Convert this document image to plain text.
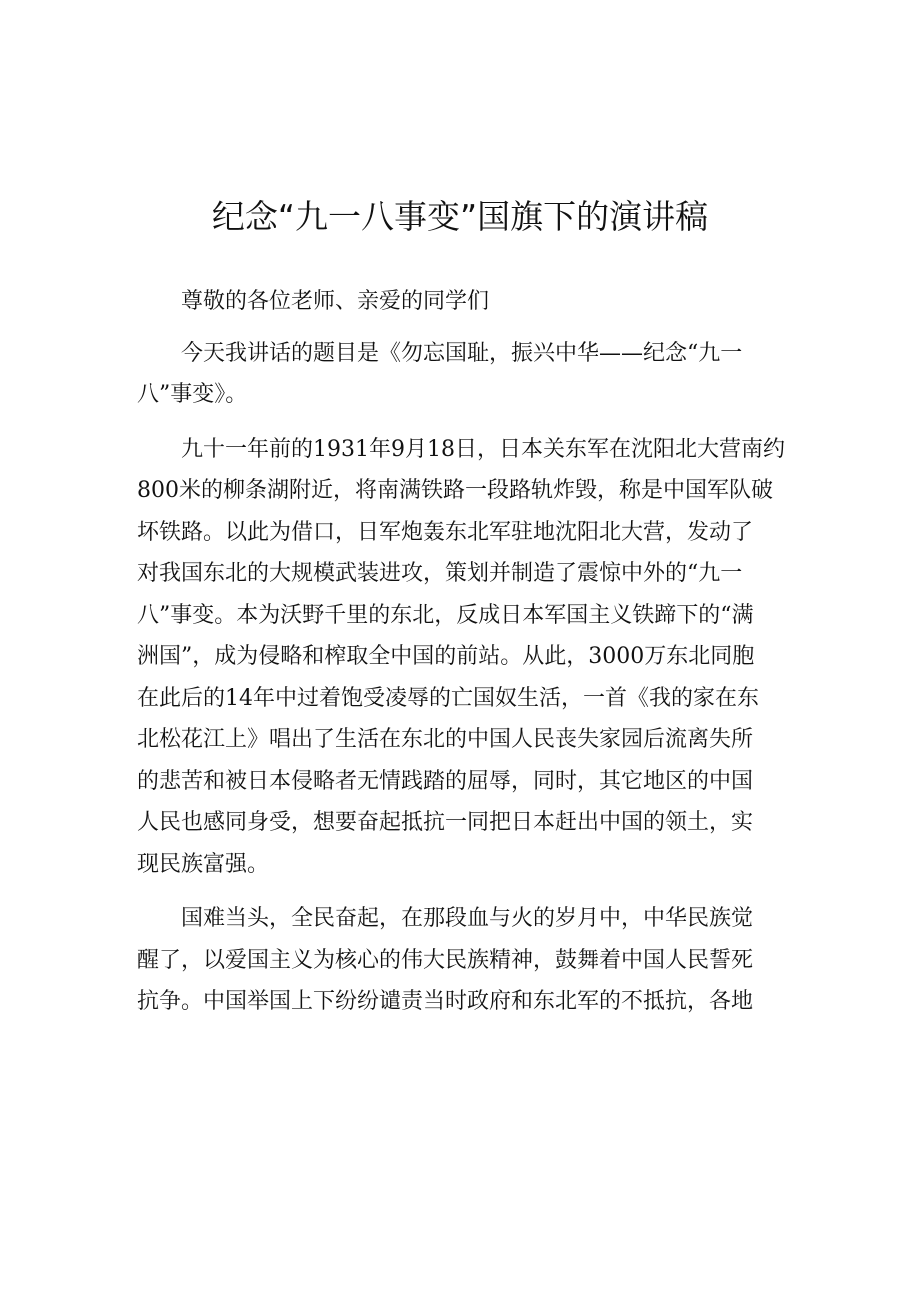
纪念“九一八事变”国旗下的演讲稿

尊敬的各位老师、亲爱的同学们

今天我讲话的题目是《勿忘国耻，振兴中华——纪念“九一
八”事变》。

九十一年前的1931年9月18日，日本关东军在沈阳北大营南约
800米的柳条湖附近，将南满铁路一段路轨炸毁，称是中国军队破
坏铁路。以此为借口，日军炮轰东北军驻地沈阳北大营，发动了
对我国东北的大规模武装进攻，策划并制造了震惊中外的“九一
八”事变。本为沃野千里的东北，反成日本军国主义铁蹄下的“满
洲国”，成为侵略和榨取全中国的前站。从此，3000万东北同胞
在此后的14年中过着饱受凌辱的亡国奴生活，一首《我的家在东
北松花江上》唱出了生活在东北的中国人民丧失家园后流离失所
的悲苦和被日本侵略者无情践踏的屈辱，同时，其它地区的中国
人民也感同身受，想要奋起抵抗一同把日本赶出中国的领土，实
现民族富强。

国难当头，全民奋起，在那段血与火的岁月中，中华民族觉
醒了，以爱国主义为核心的伟大民族精神，鼓舞着中国人民誓死
抗争。中国举国上下纷纷谴责当时政府和东北军的不抵抗，各地
